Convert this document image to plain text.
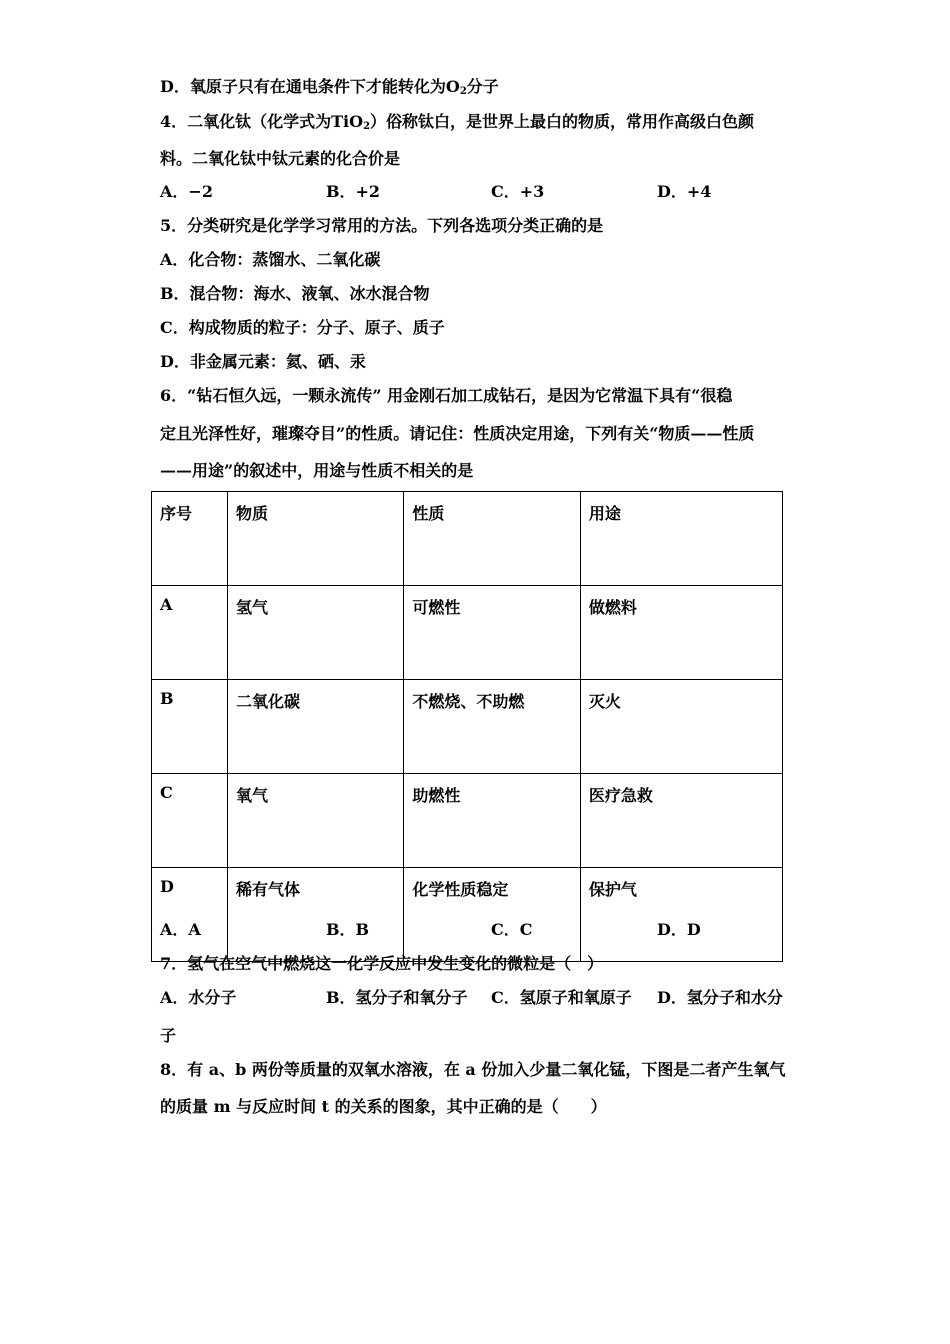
D．氧原子只有在通电条件下才能转化为$O_2$分子
4．二氧化钛（化学式为TiO$_2$）俗称钛白，是世界上最白的物质，常用作高级白色颜
料。二氧化钛中钛元素的化合价是
A．−2	B．+2	C．+3	D．+4
5．分类研究是化学学习常用的方法。下列各选项分类正确的是
A．化合物：蒸馏水、二氧化碳
B．混合物：海水、液氧、冰水混合物
C．构成物质的粒子：分子、原子、质子
D．非金属元素：氦、硒、汞
6．“钻石恒久远，一颗永流传” 用金刚石加工成钻石，是因为它常温下具有“很稳
定且光泽性好，璀璨夺目”的性质。请记住：性质决定用途，下列有关“物质——性质
——用途”的叙述中，用途与性质不相关的是
序号	物质	性质	用途
A	氢气	可燃性	做燃料
B	二氧化碳	不燃烧、不助燃	灭火
C	氧气	助燃性	医疗急救
D	稀有气体	化学性质稳定	保护气
A．A	B．B	C．C	D．D
7．氢气在空气中燃烧这一化学反应中发生变化的微粒是（　）
A．水分子	B．氢分子和氧分子 C．氢原子和氧原子 D．氢分子和水分
子
8．有 a、b 两份等质量的双氧水溶液，在 a 份加入少量二氧化锰，下图是二者产生氧气
的质量 m 与反应时间 t 的关系的图象，其中正确的是（　　）
